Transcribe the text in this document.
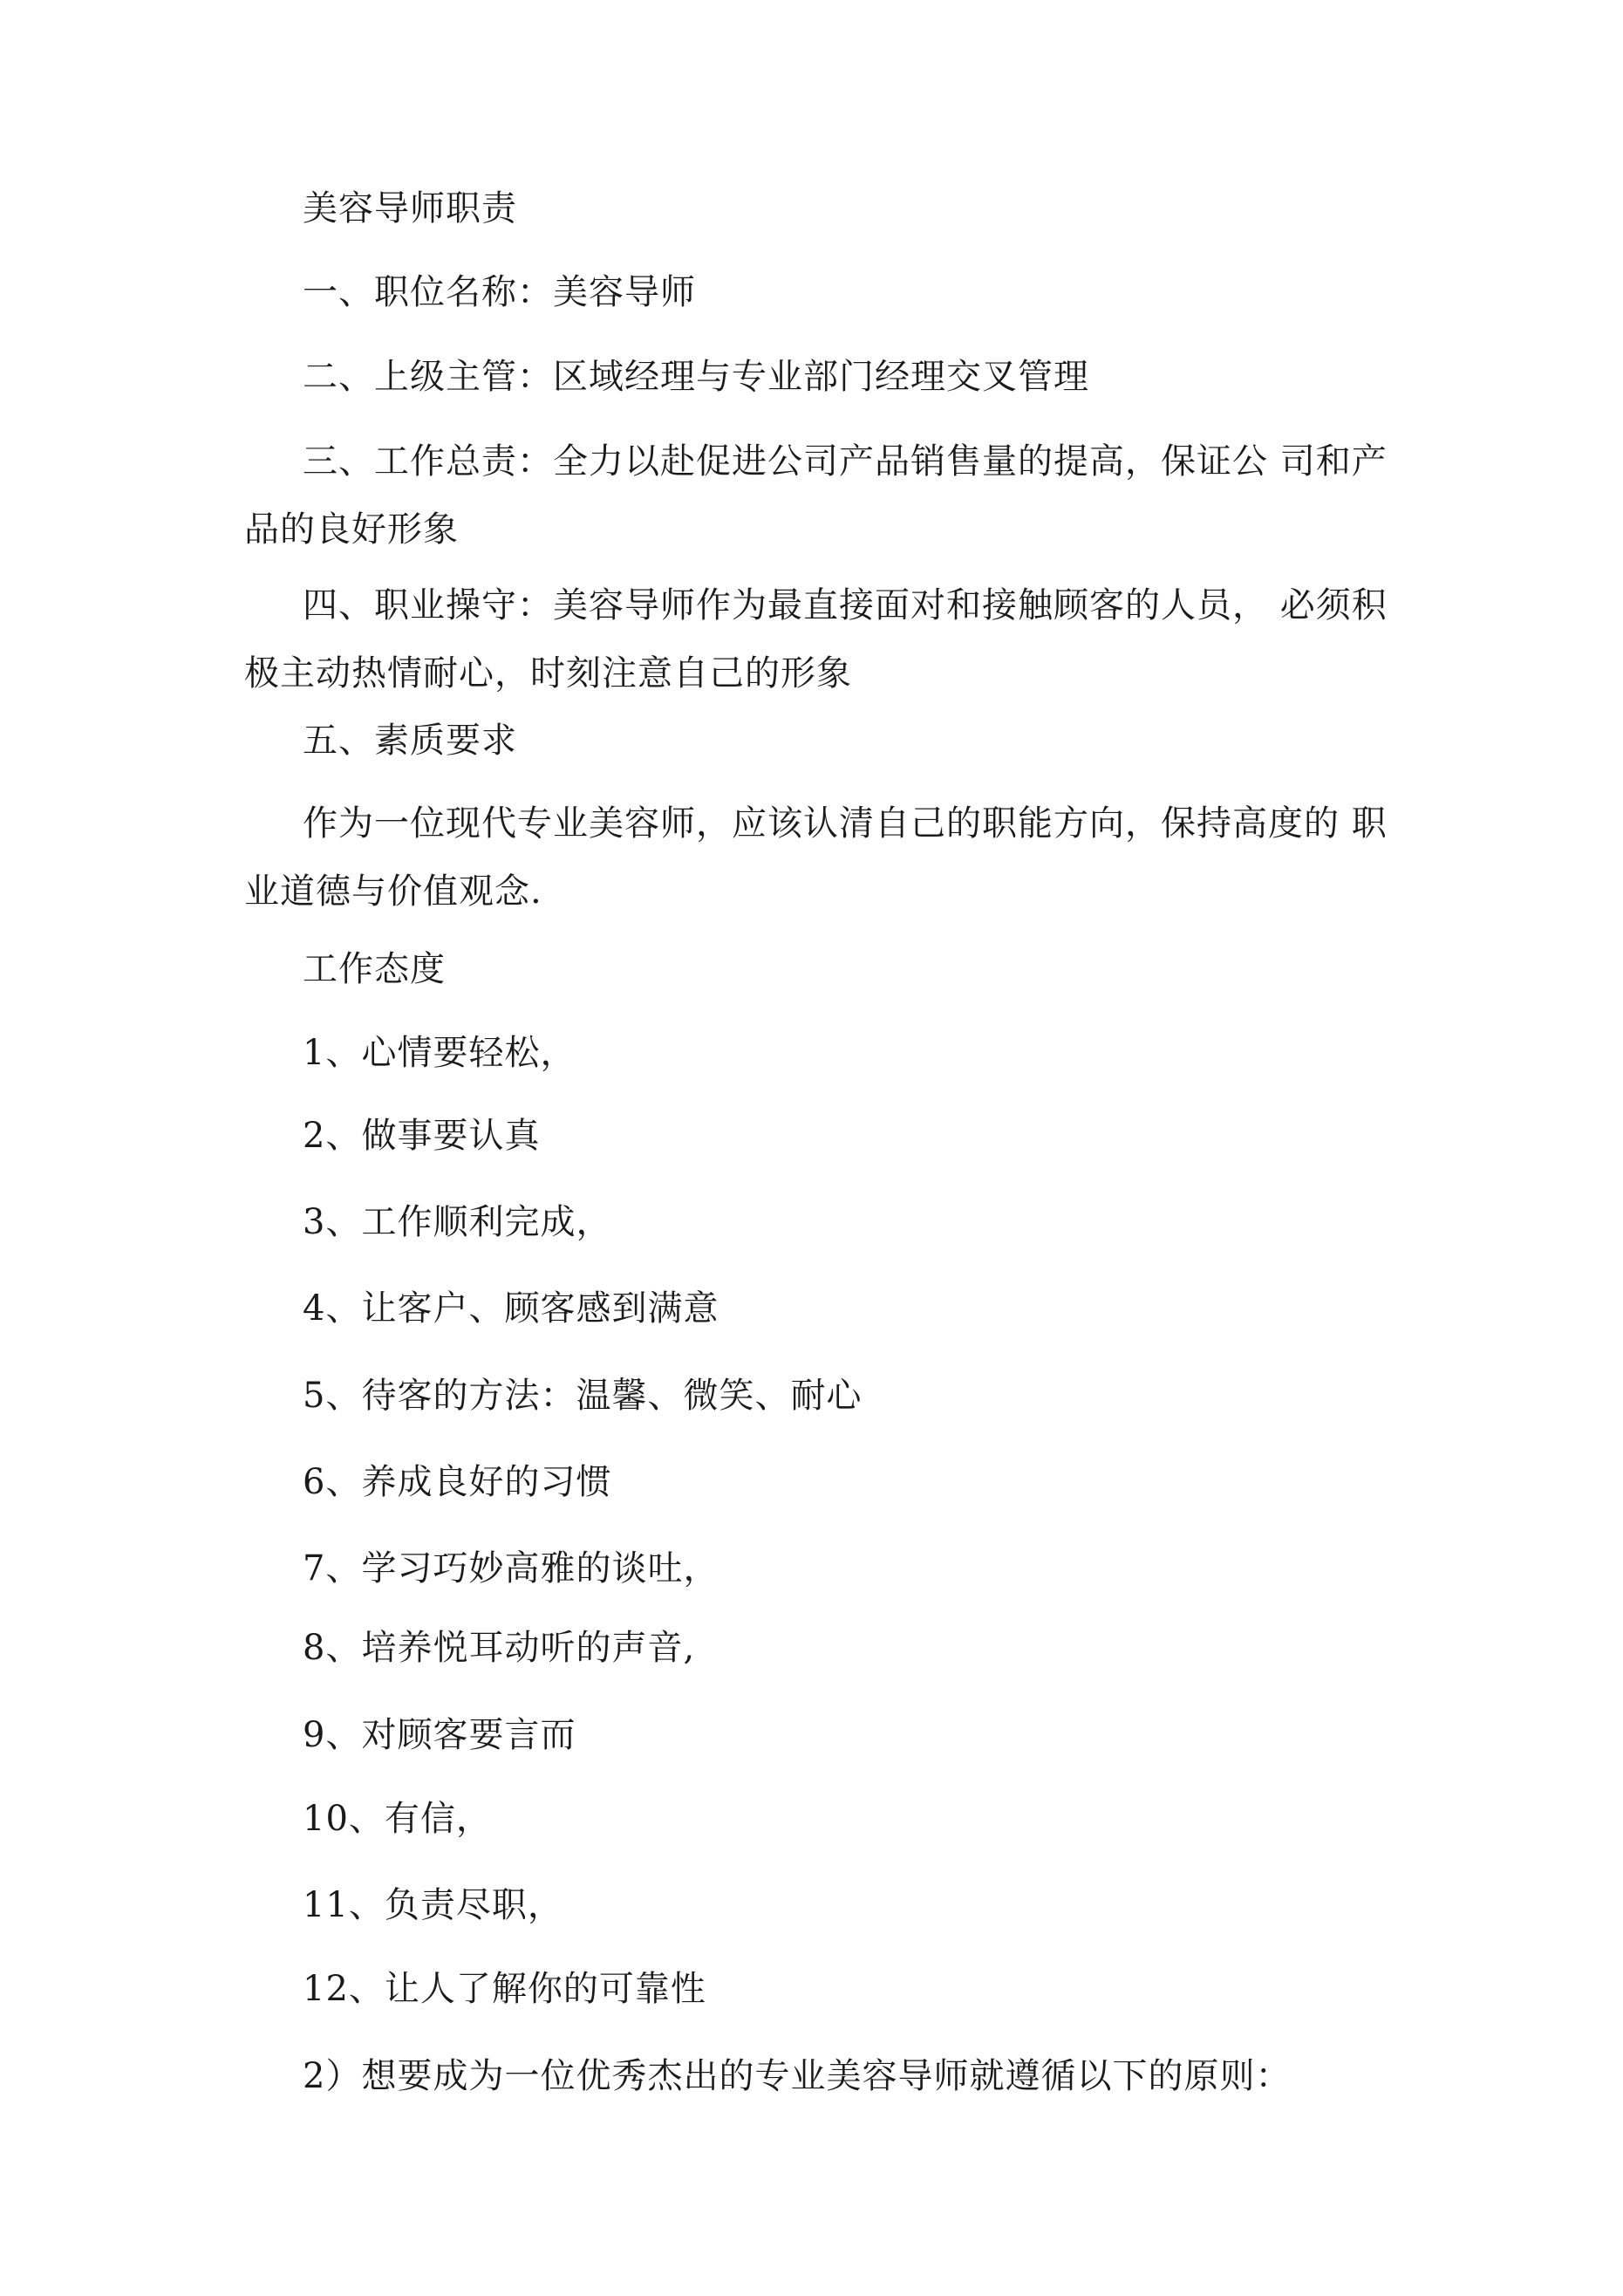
美容导师职责
一、职位名称：美容导师
二、上级主管：区域经理与专业部门经理交叉管理
三、工作总责：全力以赴促进公司产品销售量的提高，保证公 司和产品的良好形象
四、职业操守：美容导师作为最直接面对和接触顾客的人员， 必须积极主动热情耐心，时刻注意自己的形象
五、素质要求
作为一位现代专业美容师，应该认清自己的职能方向，保持高度的 职业道德与价值观念.
工作态度
1、心情要轻松，
2、做事要认真
3、工作顺利完成，
4、让客户、顾客感到满意
5、待客的方法：温馨、微笑、耐心
6、养成良好的习惯
7、学习巧妙高雅的谈吐，
8、培养悦耳动听的声音,
9、对顾客要言而
10、有信，
11、负责尽职，
12、让人了解你的可靠性
2）想要成为一位优秀杰出的专业美容导师就遵循以下的原则：
